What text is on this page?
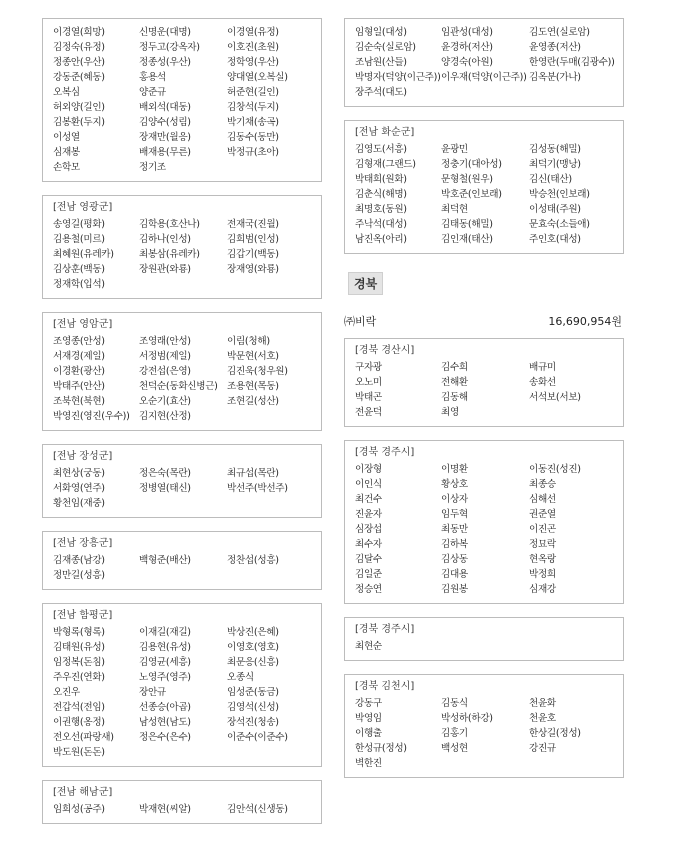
이경열(희망)	신명운(대명)	이경열(유정)
김정숙(유정)	정두고(강옥자)	이호진(초원)
정종안(우산)	정종성(우산)	정학영(우산)
강동준(혜동)	홍용석	양대열(오복실)
오복심	양준규	허준현(길인)
허외양(길인)	배외석(대동)	김창석(두지)
김봉환(두지)	김양수(성림)	박기채(송곡)
이성열	장재만(월응)	김동수(동만)
심재봉	배재용(무른)	박정규(초아)
손학모	정기조
[전남 영광군]
송영길(평화)	김학용(호산나)	전재국(진월)
김용철(미르)	김하나(인성)	김희범(인성)
최혜원(유레카)	최봉삼(유레카)	김갑기(백동)
김상훈(백동)	장원관(와룡)	장재영(와룡)
정재학(입석)
[전남 영암군]
조영종(안성)	조영래(안성)	이림(청해)
서재경(제일)	서정범(제일)	박문현(서호)
이경환(광산)	강전섭(은영)	김진욱(청우원)
박태주(안산)	천덕순(동화신병근) 조용현(목동)
조북현(북현)	오순기(효산)	조현길(성산)
박영진(영진(우수)) 김지현(산정)
[전남 장성군]
최현상(궁동)	정은숙(목란)	최규섭(목란)
서화영(연주)	정병열(태신)	박선주(박선주)
황천임(재중)
[전남 장흥군]
김재종(남강)	백형준(배산)	정찬섭(성흥)
정만길(성흥)
[전남 함평군]
박형록(형록)	이재길(재길)	박상진(은혜)
김태원(유성)	김용현(유성)	이영호(영호)
임정복(돈침)	김영균(세흥)	최문응(신흥)
주우진(연화)	노영주(영주)	오종식
오진우	장안규	임성준(동금)
전갑석(전임)	선종승(아곱)	김영석(신성)
이권행(옹정)	남성현(남도)	장석진(청송)
전오선(파랑새)	정은수(은수)	이준수(이준수)
박도원(돈돈)
[전남 해남군]
임희성(공주)	박재현(씨알)	김안석(신생동)
임형일(대성)	임관성(대성)	김도연(실로암)
김순숙(실로암)	윤경하(저산)	윤영종(저산)
조남원(산들)	양경숙(아원)	한영란(두매(김광수))
박명자(덕양(이근주)) 이우재(덕양(이근주)) 김옥분(가나)
장주석(대도)
[전남 화순군]
김영도(서흥)	윤광민	김성동(해밀)
김형재(그랜드)	정충기(대아성)	최덕기(맹낭)
박태희(원화)	문형철(원우)	김신(태산)
김춘식(해명)	박호준(인보래)	박승천(인보래)
최명호(동원)	최덕현	이성태(주원)
주낙석(대성)	김태동(해밀)	문효숙(소들애)
남진옥(아리)	김인재(태산)	주인호(대성)
경북
㈜비락	16,690,954원
[경북 경산시]
구자광	김수희	배규미
오노미	전해환	송화선
박태곤	김동해	서석보(서보)
전윤덕	최영
[경북 경주시]
이장형	이명환	이동진(성진)
이인식	황상호	최종승
최건수	이상자	심해선
진윤자	임두혁	권준열
심장섭	최동만	이진곤
최수자	김하복	정묘락
김달수	김상동	현옥랑
김일준	김대용	박정희
정승연	김원봉	심재강
[경북 경주시]
최현순
[경북 김천시]
강동구	김동식	천윤화
박영임	박성하(하강)	천윤호
이행출	김홍기	한상길(정성)
한성규(정성)	백성현	강진규
벽한진
